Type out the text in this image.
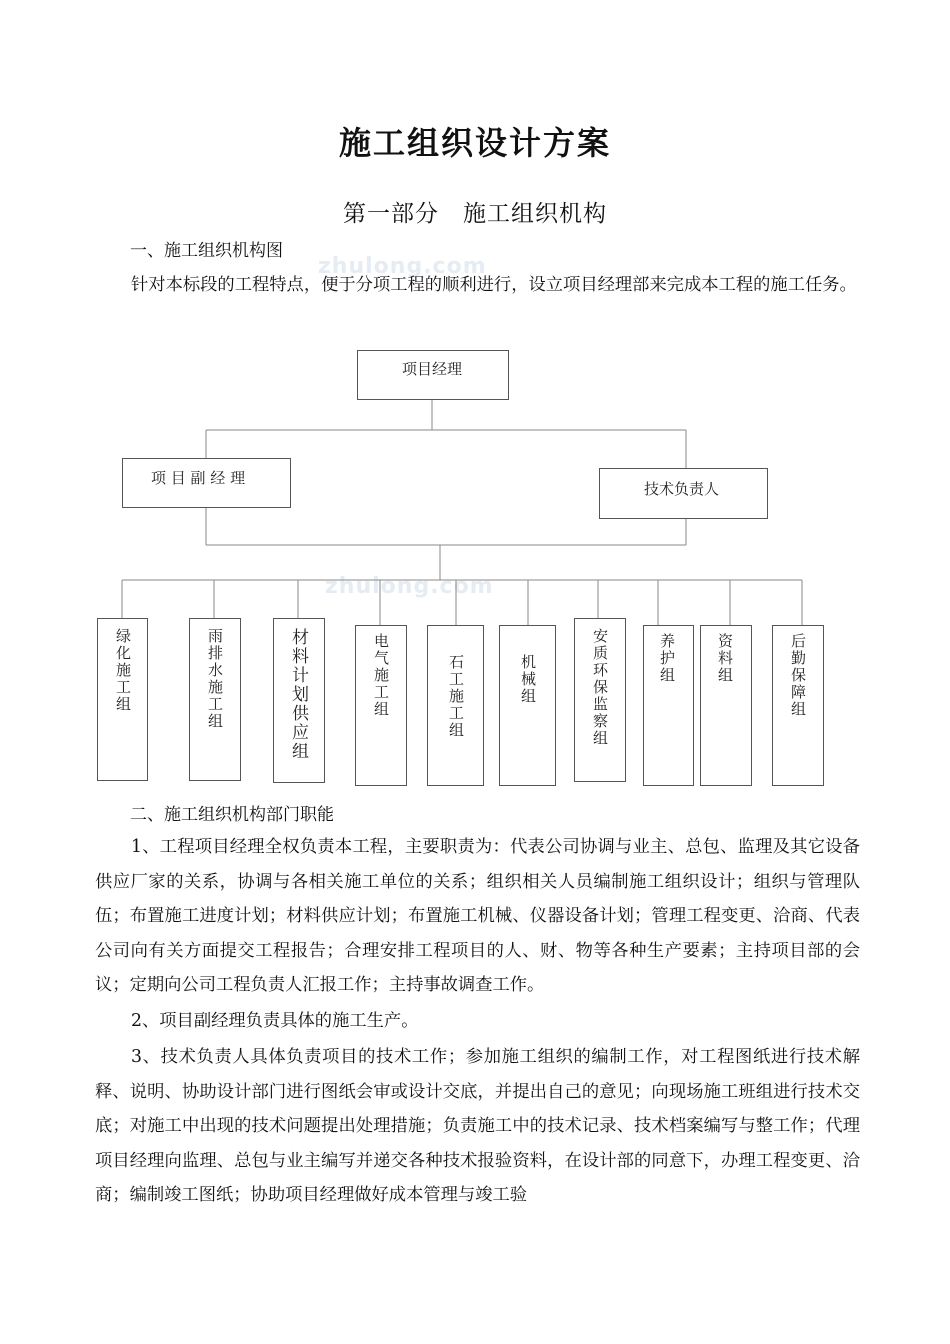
zhulong.com
zhulong.com
施工组织设计方案
第一部分　施工组织机构
一、施工组织机构图

针对本标段的工程特点，便于分项工程的顺利进行，设立项目经理部来完成本工程的施工任务。

项目经理
项 目 副 经 理
技术负责人
绿化施工组	雨排水施工组	材料计划供应组	电气施工组	石工施工组	机械组	安质环保监察组	养护组	资料组	后勤保障组
二、施工组织机构部门职能

1、工程项目经理全权负责本工程，主要职责为：代表公司协调与业主、总包、监理及其它设备供应厂家的关系，协调与各相关施工单位的关系；组织相关人员编制施工组织设计；组织与管理队伍；布置施工进度计划；材料供应计划；布置施工机械、仪器设备计划；管理工程变更、洽商、代表公司向有关方面提交工程报告；合理安排工程项目的人、财、物等各种生产要素；主持项目部的会议；定期向公司工程负责人汇报工作；主持事故调查工作。

2、项目副经理负责具体的施工生产。

3、技术负责人具体负责项目的技术工作；参加施工组织的编制工作，对工程图纸进行技术解释、说明、协助设计部门进行图纸会审或设计交底，并提出自己的意见；向现场施工班组进行技术交底；对施工中出现的技术问题提出处理措施；负责施工中的技术记录、技术档案编写与整工作；代理项目经理向监理、总包与业主编写并递交各种技术报验资料，在设计部的同意下，办理工程变更、洽商；编制竣工图纸；协助项目经理做好成本管理与竣工验
